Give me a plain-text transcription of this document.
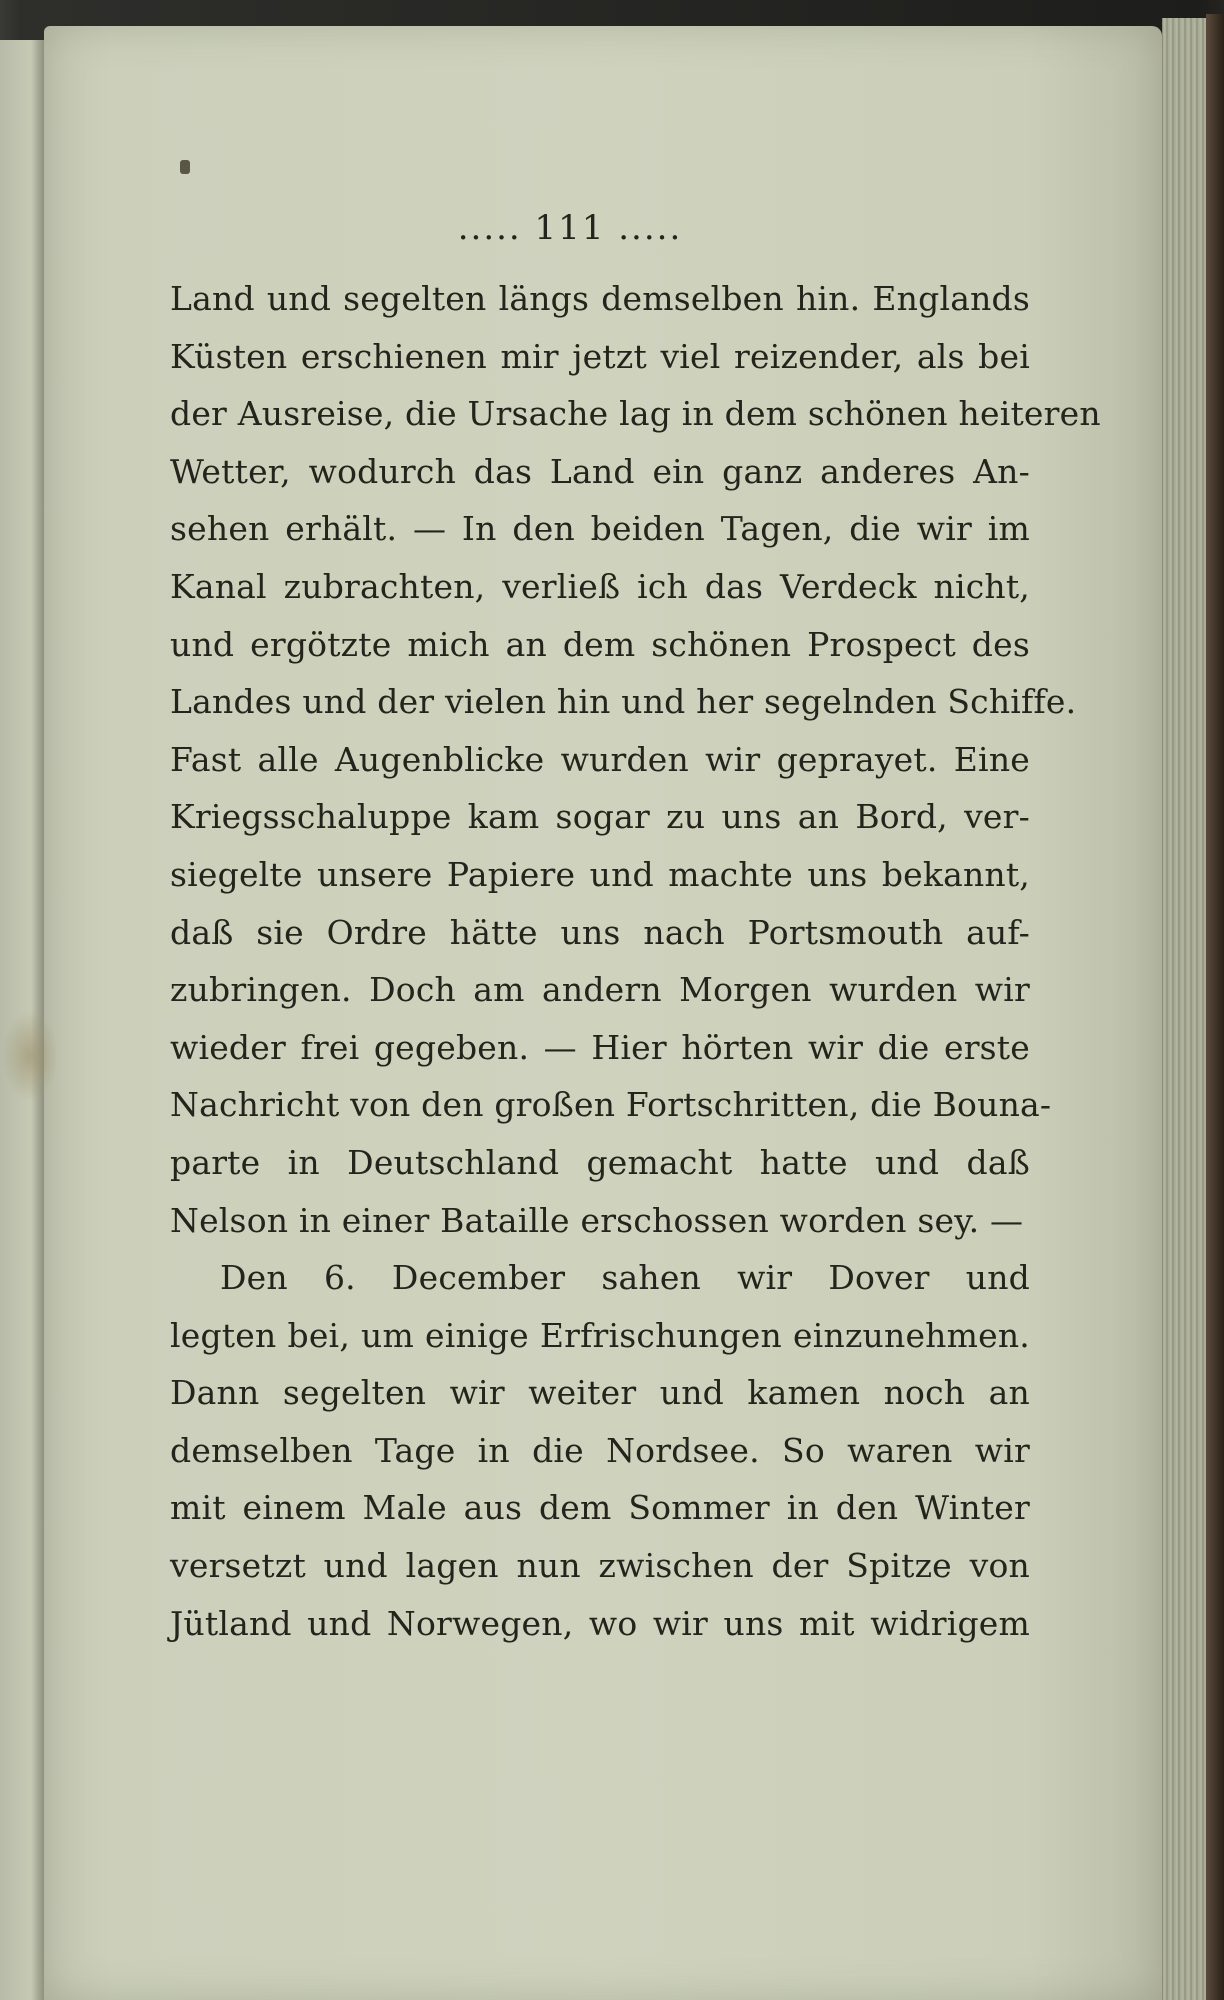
..... 111 .....
Land und segelten längs demselben hin. Englands
Küsten erschienen mir jetzt viel reizender, als bei
der Ausreise, die Ursache lag in dem schönen heiteren
Wetter, wodurch das Land ein ganz anderes An-
sehen erhält. — In den beiden Tagen, die wir im
Kanal zubrachten, verließ ich das Verdeck nicht,
und ergötzte mich an dem schönen Prospect des
Landes und der vielen hin und her segelnden Schiffe.
Fast alle Augenblicke wurden wir geprayet. Eine
Kriegsschaluppe kam sogar zu uns an Bord, ver-
siegelte unsere Papiere und machte uns bekannt,
daß sie Ordre hätte uns nach Portsmouth auf-
zubringen. Doch am andern Morgen wurden wir
wieder frei gegeben. — Hier hörten wir die erste
Nachricht von den großen Fortschritten, die Bouna-
parte in Deutschland gemacht hatte und daß
Nelson in einer Bataille erschossen worden sey. —
Den 6. December sahen wir Dover und
legten bei, um einige Erfrischungen einzunehmen.
Dann segelten wir weiter und kamen noch an
demselben Tage in die Nordsee. So waren wir
mit einem Male aus dem Sommer in den Winter
versetzt und lagen nun zwischen der Spitze von
Jütland und Norwegen, wo wir uns mit widrigem
